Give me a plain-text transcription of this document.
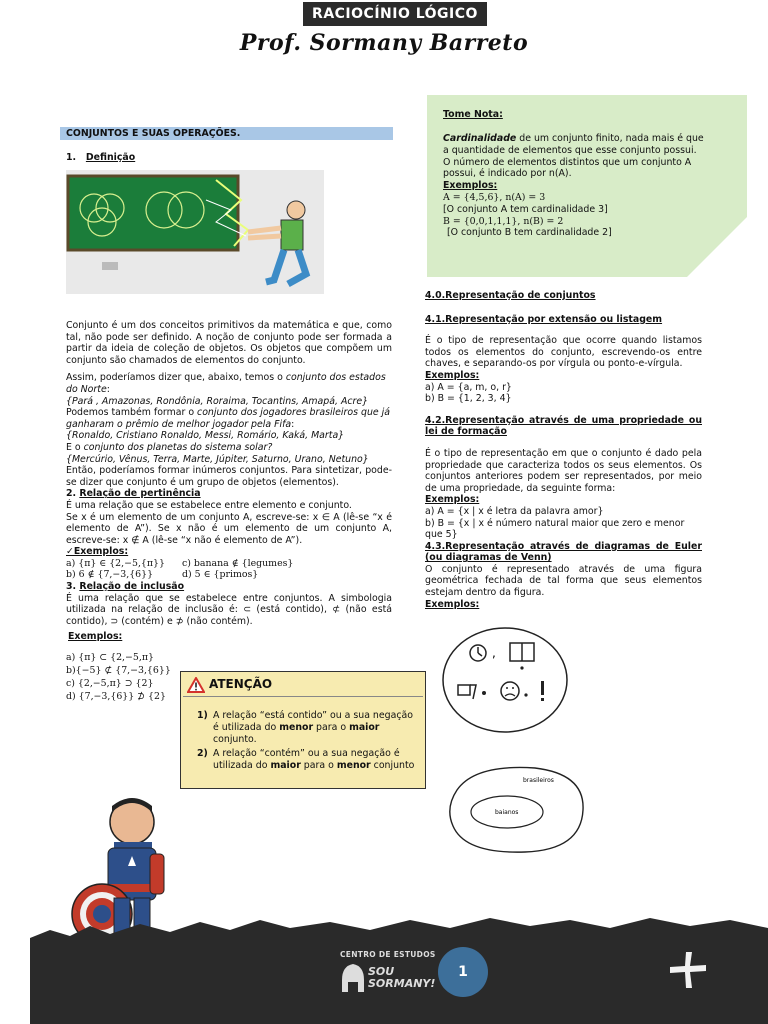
RACIOCÍNIO LÓGICO
Prof. Sormany Barreto
Tome Nota:

Cardinalidade de um conjunto finito, nada mais é que

a quantidade de elementos que esse conjunto possui.

O número de elementos distintos que um conjunto A

possui, é indicado por n(A).

Exemplos:

A = {4,5,6}, n(A) = 3

[O conjunto A tem cardinalidade 3]

B = {0,0,1,1,1}, n(B) = 2

[O conjunto B tem cardinalidade 2]

CONJUNTOS E SUAS OPERAÇÕES.
1. Definição

Conjunto é um dos conceitos primitivos da matemática e que, como tal, não pode ser definido. A noção de conjunto pode ser formada a partir da ideia de coleção de objetos. Os objetos que compõem um conjunto são chamados de elementos do conjunto.

Assim, poderíamos dizer que, abaixo, temos o conjunto dos estados do Norte:

{Pará , Amazonas, Rondônia, Roraima, Tocantins, Amapá, Acre}

Podemos também formar o conjunto dos jogadores brasileiros que já ganharam o prêmio de melhor jogador pela Fifa:

{Ronaldo, Cristiano Ronaldo, Messi, Romário, Kaká, Marta}

E o conjunto dos planetas do sistema solar?

{Mercúrio, Vênus, Terra, Marte, Júpiter, Saturno, Urano, Netuno}

Então, poderíamos formar inúmeros conjuntos. Para sintetizar, pode-se dizer que conjunto é um grupo de objetos (elementos).

2. Relação de pertinência

É uma relação que se estabelece entre elemento e conjunto.

Se x é um elemento de um conjunto A, escreve-se: x ∈ A (lê-se “x é elemento de A”). Se x não é um elemento de um conjunto A, escreve-se: x ∉ A (lê-se “x não é elemento de A”).

✓Exemplos:

a) {π} ∈ {2,−5,{π}}	c) banana ∉ {legumes}
b) 6 ∉ {7,−3,{6}}	d) 5 ∈ {primos}

3. Relação de inclusão

É uma relação que se estabelece entre conjuntos. A simbologia utilizada na relação de inclusão é: ⊂ (está contido), ⊄ (não está contido), ⊃ (contém) e ⊅ (não contém).

Exemplos:

a) {π} ⊂ {2,−5,π}

b){−5} ⊄ {7,−3,{6}}

c) {2,−5,π} ⊃ {2}

d) {7,−3,{6}} ⊅ {2}

ATENÇÃO
1) A relação “está contido” ou a sua negação é utilizada do menor para o maior conjunto.
2) A relação “contém” ou a sua negação é utilizada do maior para o menor conjunto

4.0.Representação de conjuntos

4.1.Representação por extensão ou listagem

É o tipo de representação que ocorre quando listamos todos os elementos do conjunto, escrevendo-os entre chaves, e separando-os por vírgula ou ponto-e-vírgula.

Exemplos:

a) A = {a, m, o, r}

b) B = {1, 2, 3, 4}

4.2.Representação através de uma propriedade ou lei de formação

É o tipo de representação em que o conjunto é dado pela propriedade que caracteriza todos os seus elementos. Os conjuntos anteriores podem ser representados, por meio de uma propriedade, da seguinte forma:

Exemplos:

a) A = {x | x é letra da palavra amor}

b) B = {x | x é número natural maior que zero e menor que 5}

4.3.Representação através de diagramas de Euler (ou diagramas de Venn)

O conjunto é representado através de uma figura geométrica fechada de tal forma que seus elementos estejam dentro da figura.

Exemplos:

,
brasileiros
baianos
CENTRO DE ESTUDOS
SOU SORMANY!
1
